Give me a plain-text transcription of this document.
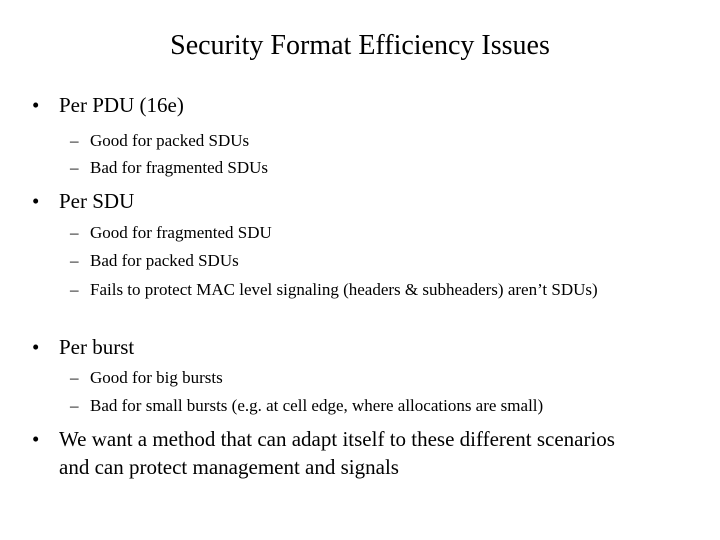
Security Format Efficiency Issues
• Per PDU (16e)
– Good for packed SDUs
– Bad for fragmented SDUs
• Per SDU
– Good for fragmented SDU
– Bad for packed SDUs
– Fails to protect MAC level signaling (headers & subheaders) aren’t SDUs)
• Per burst
– Good for big bursts
– Bad for small bursts (e.g. at cell edge, where allocations are small)
• We want a method that can adapt itself to these different scenarios and can protect management and signals
